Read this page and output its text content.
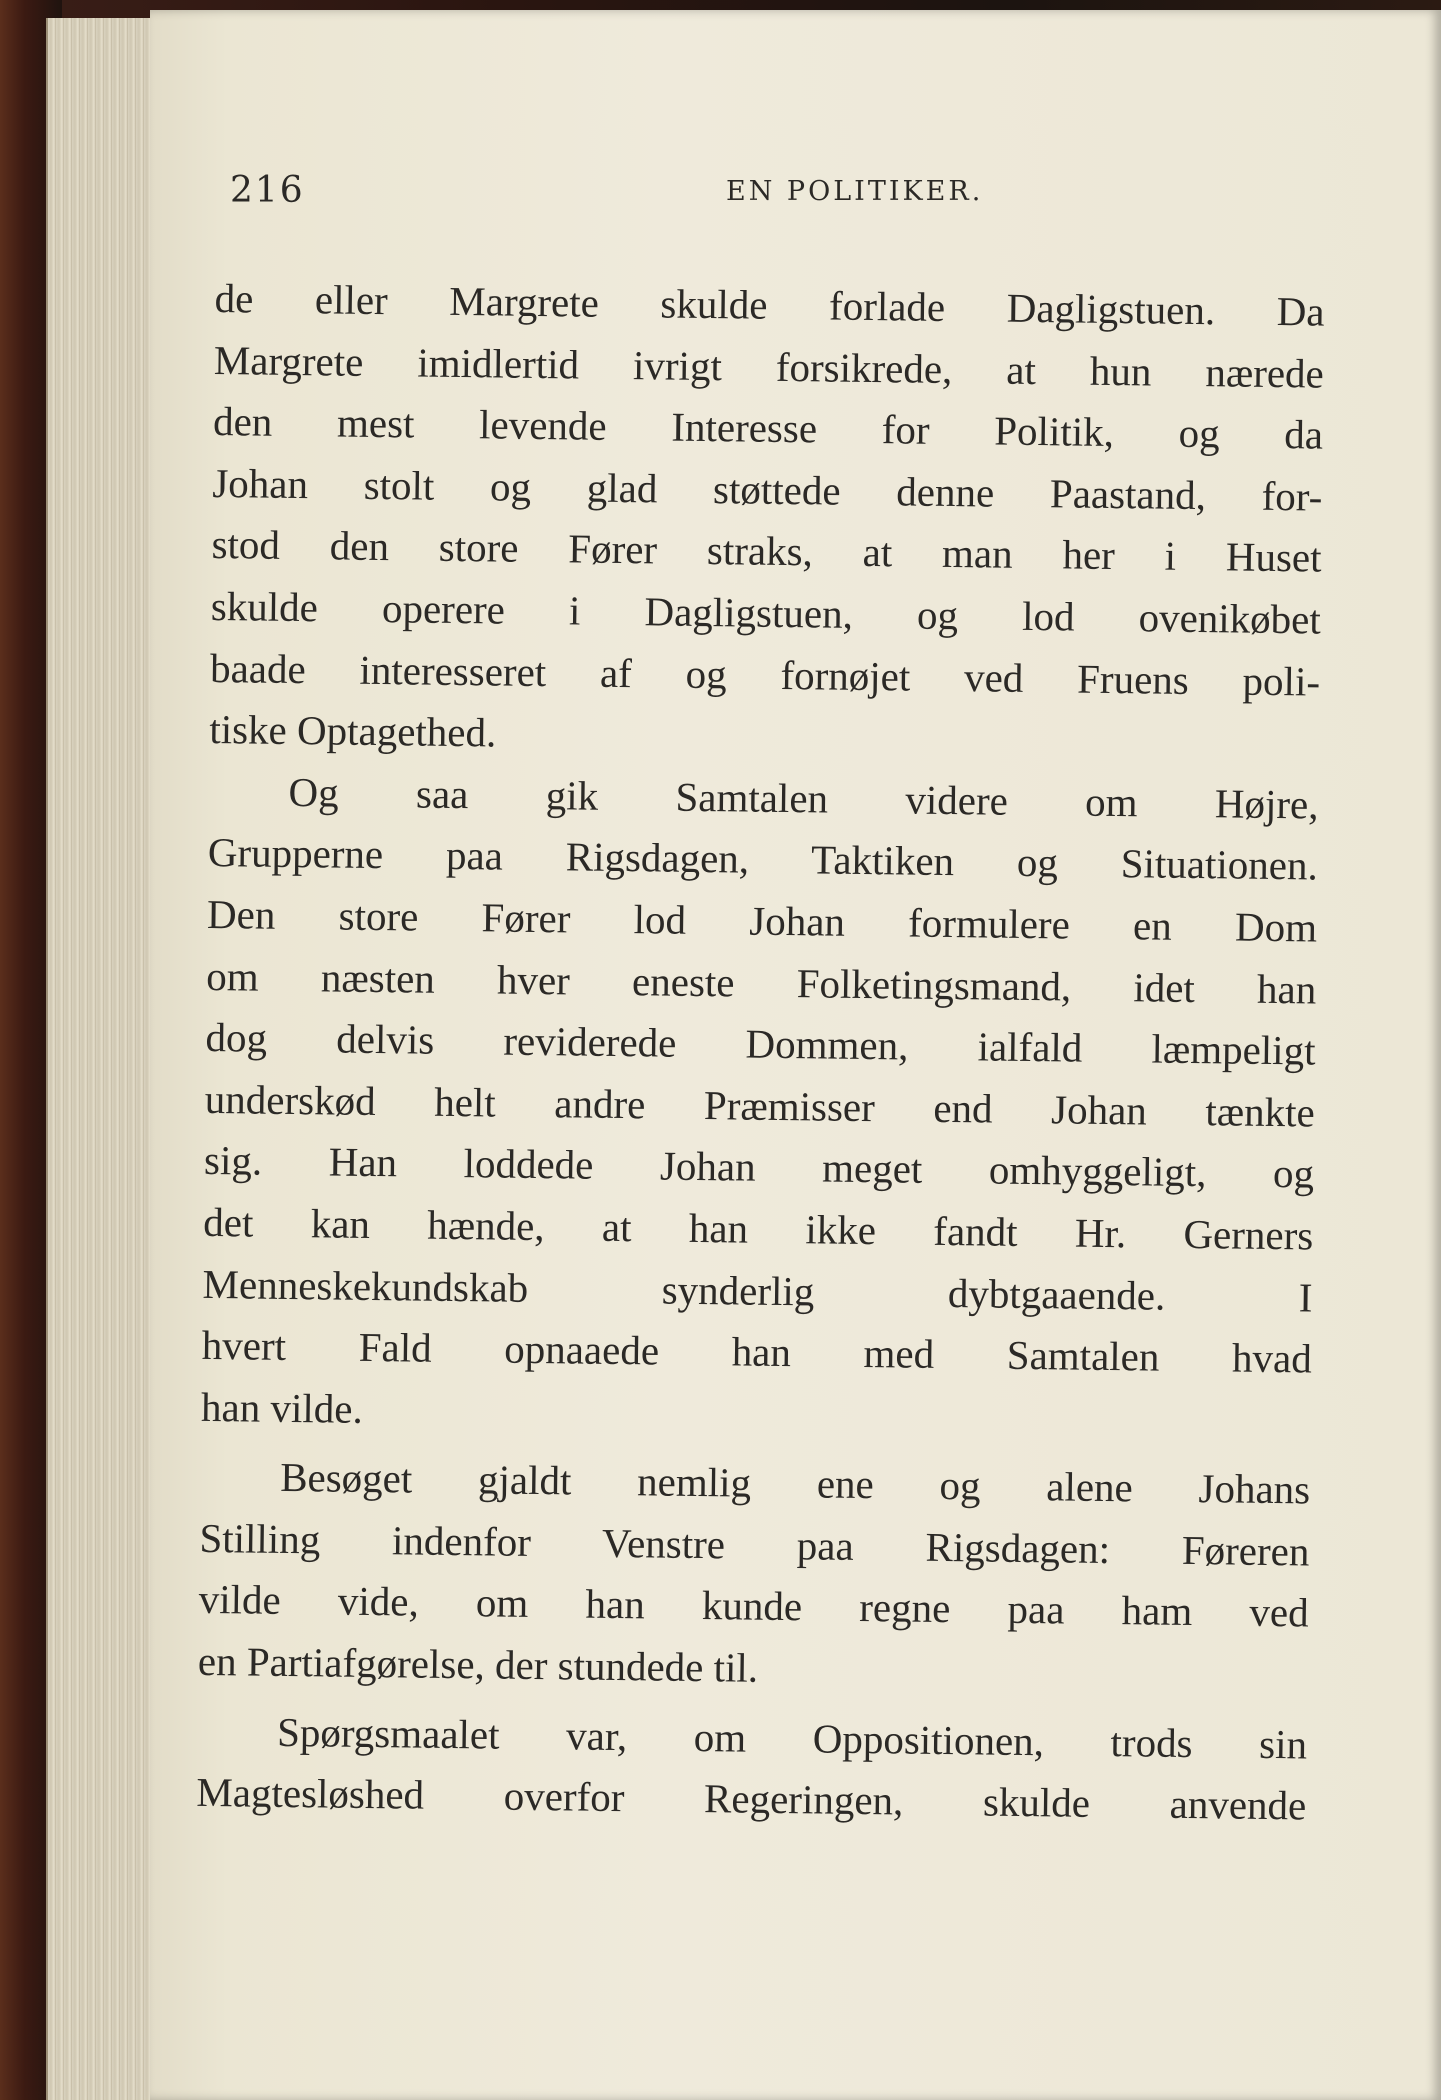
216	EN POLITIKER.
de eller Margrete skulde forlade Dagligstuen. Da
Margrete imidlertid ivrigt forsikrede, at hun nærede
den mest levende Interesse for Politik, og da
Johan stolt og glad støttede denne Paastand, for-
stod den store Fører straks, at man her i Huset
skulde operere i Dagligstuen, og lod ovenikøbet
baade interesseret af og fornøjet ved Fruens poli-
tiske Optagethed.
Og saa gik Samtalen videre om Højre,
Grupperne paa Rigsdagen, Taktiken og Situationen.
Den store Fører lod Johan formulere en Dom
om næsten hver eneste Folketingsmand, idet han
dog delvis reviderede Dommen, ialfald læmpeligt
underskød helt andre Præmisser end Johan tænkte
sig. Han loddede Johan meget omhyggeligt, og
det kan hænde, at han ikke fandt Hr. Gerners
Menneskekundskab synderlig dybtgaaende. I
hvert Fald opnaaede han med Samtalen hvad
han vilde.
Besøget gjaldt nemlig ene og alene Johans
Stilling indenfor Venstre paa Rigsdagen: Føreren
vilde vide, om han kunde regne paa ham ved
en Partiafgørelse, der stundede til.
Spørgsmaalet var, om Oppositionen, trods sin
Magtesløshed overfor Regeringen, skulde anvende
